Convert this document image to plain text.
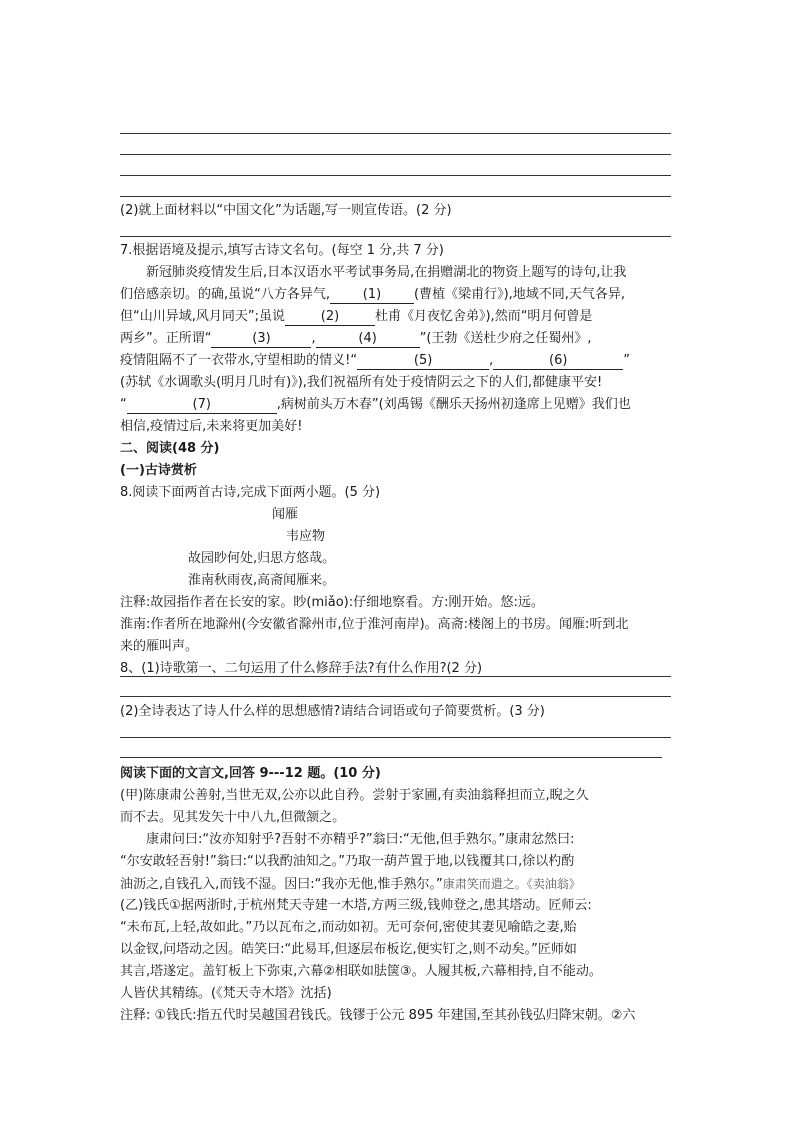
(2)就上面材料以“中国文化”为话题,写一则宣传语。(2 分)
7.根据语境及提示,填写古诗文名句。(每空 1 分,共 7 分)
新冠肺炎疫情发生后,日本汉语水平考试事务局,在捐赠湖北的物资上题写的诗句,让我
们倍感亲切。的确,虽说“八方各异气,	(1)	(曹植《梁甫行》),地域不同,天气各异,
但“山川异域,风月同天”;虽说	(2)	杜甫《月夜忆舍弟》),然而“明月何曾是
两乡”。正所谓“	(3)	,	(4)	”(王勃《送杜少府之任蜀州》,
疫情阻隔不了一衣带水,守望相助的情义!“	(5)	,	(6)	”
(苏轼《水调歌头(明月几时有)》),我们祝福所有处于疫情阴云之下的人们,都健康平安!
“	(7)	,病树前头万木春”(刘禹锡《酬乐天扬州初逢席上见赠》我们也
相信,疫情过后,未来将更加美好!
二、阅读(48 分)
(一)古诗赏析
8.阅读下面两首古诗,完成下面两小题。(5 分)
闻雁
韦应物
故园眇何处,归思方悠哉。
淮南秋雨夜,高斋闻雁来。
注释:故园指作者在长安的家。眇(miǎo):仔细地察看。方:刚开始。悠:远。
淮南:作者所在地滁州(今安徽省滁州市,位于淮河南岸)。高斋:楼阁上的书房。闻雁:听到北
来的雁叫声。
8、(1)诗歌第一、二句运用了什么修辞手法?有什么作用?(2 分)
(2)全诗表达了诗人什么样的思想感情?请结合词语或句子简要赏析。(3 分)
阅读下面的文言文,回答 9---12 题。(10 分)
(甲)陈康肃公善射,当世无双,公亦以此自矜。尝射于家圃,有卖油翁释担而立,睨之久
而不去。见其发矢十中八九,但微颔之。
康肃问曰:“汝亦知射乎?吾射不亦精乎?”翁曰:“无他,但手熟尔。”康肃忿然曰:
“尔安敢轻吾射!”翁曰:“以我酌油知之。”乃取一葫芦置于地,以钱覆其口,徐以杓酌
油沥之,自钱孔入,而钱不湿。因曰:“我亦无他,惟手熟尔。”康肃笑而遣之。《卖油翁》
(乙)钱氏①据两浙时,于杭州梵天寺建一木塔,方两三级,钱帅登之,患其塔动。匠师云:
“未布瓦,上轻,故如此。”乃以瓦布之,而动如初。无可奈何,密使其妻见喻皓之妻,贻
以金钗,问塔动之因。皓笑曰:“此易耳,但逐层布板讫,便实钉之,则不动矣。”匠师如
其言,塔遂定。盖钉板上下弥束,六幕②相联如胠箧③。人履其板,六幕相持,自不能动。
人皆伏其精练。(《梵天寺木塔》沈括)
注释: ①钱氏:指五代时吴越国君钱氏。钱镠于公元 895 年建国,至其孙钱弘归降宋朝。②六
